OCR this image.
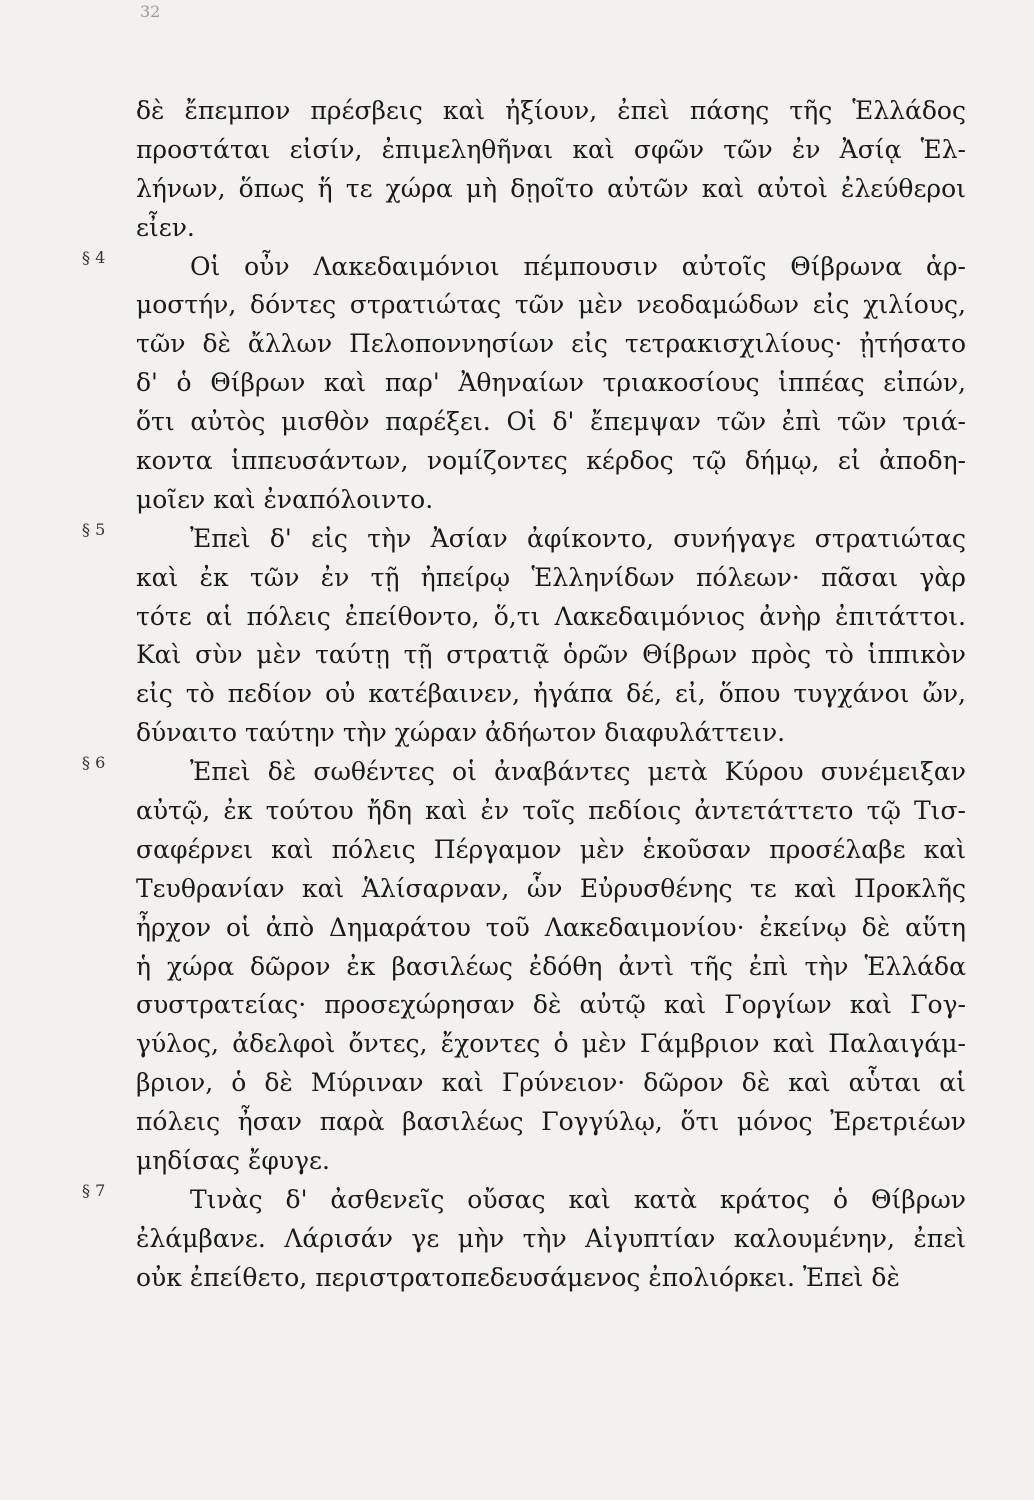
32
δὲ ἔπεμπον πρέσβεις καὶ ἠξίουν, ἐπεὶ πάσης τῆς Ἑλλάδος
προστάται εἰσίν, ἐπιμεληθῆναι καὶ σφῶν τῶν ἐν Ἀσίᾳ Ἑλ-
λήνων, ὅπως ἥ τε χώρα μὴ δῃοῖτο αὐτῶν καὶ αὐτοὶ ἐλεύθεροι
εἶεν.
§ 4	Οἱ οὖν Λακεδαιμόνιοι πέμπουσιν αὐτοῖς Θίβρωνα ἁρ-
μοστήν, δόντες στρατιώτας τῶν μὲν νεοδαμώδων εἰς χιλίους,
τῶν δὲ ἄλλων Πελοποννησίων εἰς τετρακισχιλίους· ᾐτήσατο
δ' ὁ Θίβρων καὶ παρ' Ἀθηναίων τριακοσίους ἱππέας εἰπών,
ὅτι αὐτὸς μισθὸν παρέξει. Οἱ δ' ἔπεμψαν τῶν ἐπὶ τῶν τριά-
κοντα ἱππευσάντων, νομίζοντες κέρδος τῷ δήμῳ, εἰ ἀποδη-
μοῖεν καὶ ἐναπόλοιντο.
§ 5	Ἐπεὶ δ' εἰς τὴν Ἀσίαν ἀφίκοντο, συνήγαγε στρατιώτας
καὶ ἐκ τῶν ἐν τῇ ἠπείρῳ Ἑλληνίδων πόλεων· πᾶσαι γὰρ
τότε αἱ πόλεις ἐπείθοντο, ὅ,τι Λακεδαιμόνιος ἀνὴρ ἐπιτάττοι.
Καὶ σὺν μὲν ταύτῃ τῇ στρατιᾷ ὁρῶν Θίβρων πρὸς τὸ ἱππικὸν
εἰς τὸ πεδίον οὐ κατέβαινεν, ἠγάπα δέ, εἰ, ὅπου τυγχάνοι ὤν,
δύναιτο ταύτην τὴν χώραν ἀδήωτον διαφυλάττειν.
§ 6	Ἐπεὶ δὲ σωθέντες οἱ ἀναβάντες μετὰ Κύρου συνέμειξαν
αὐτῷ, ἐκ τούτου ἤδη καὶ ἐν τοῖς πεδίοις ἀντετάττετο τῷ Τισ-
σαφέρνει καὶ πόλεις Πέργαμον μὲν ἑκοῦσαν προσέλαβε καὶ
Τευθρανίαν καὶ Ἁλίσαρναν, ὧν Εὐρυσθένης τε καὶ Προκλῆς
ἦρχον οἱ ἀπὸ Δημαράτου τοῦ Λακεδαιμονίου· ἐκείνῳ δὲ αὕτη
ἡ χώρα δῶρον ἐκ βασιλέως ἐδόθη ἀντὶ τῆς ἐπὶ τὴν Ἑλλάδα
συστρατείας· προσεχώρησαν δὲ αὐτῷ καὶ Γοργίων καὶ Γογ-
γύλος, ἀδελφοὶ ὄντες, ἔχοντες ὁ μὲν Γάμβριον καὶ Παλαιγάμ-
βριον, ὁ δὲ Μύριναν καὶ Γρύνειον· δῶρον δὲ καὶ αὗται αἱ
πόλεις ἦσαν παρὰ βασιλέως Γογγύλῳ, ὅτι μόνος Ἐρετριέων
μηδίσας ἔφυγε.
§ 7	Τινὰς δ' ἀσθενεῖς οὔσας καὶ κατὰ κράτος ὁ Θίβρων
ἐλάμβανε. Λάρισάν γε μὴν τὴν Αἰγυπτίαν καλουμένην, ἐπεὶ
οὐκ ἐπείθετο, περιστρατοπεδευσάμενος ἐπολιόρκει. Ἐπεὶ δὲ
